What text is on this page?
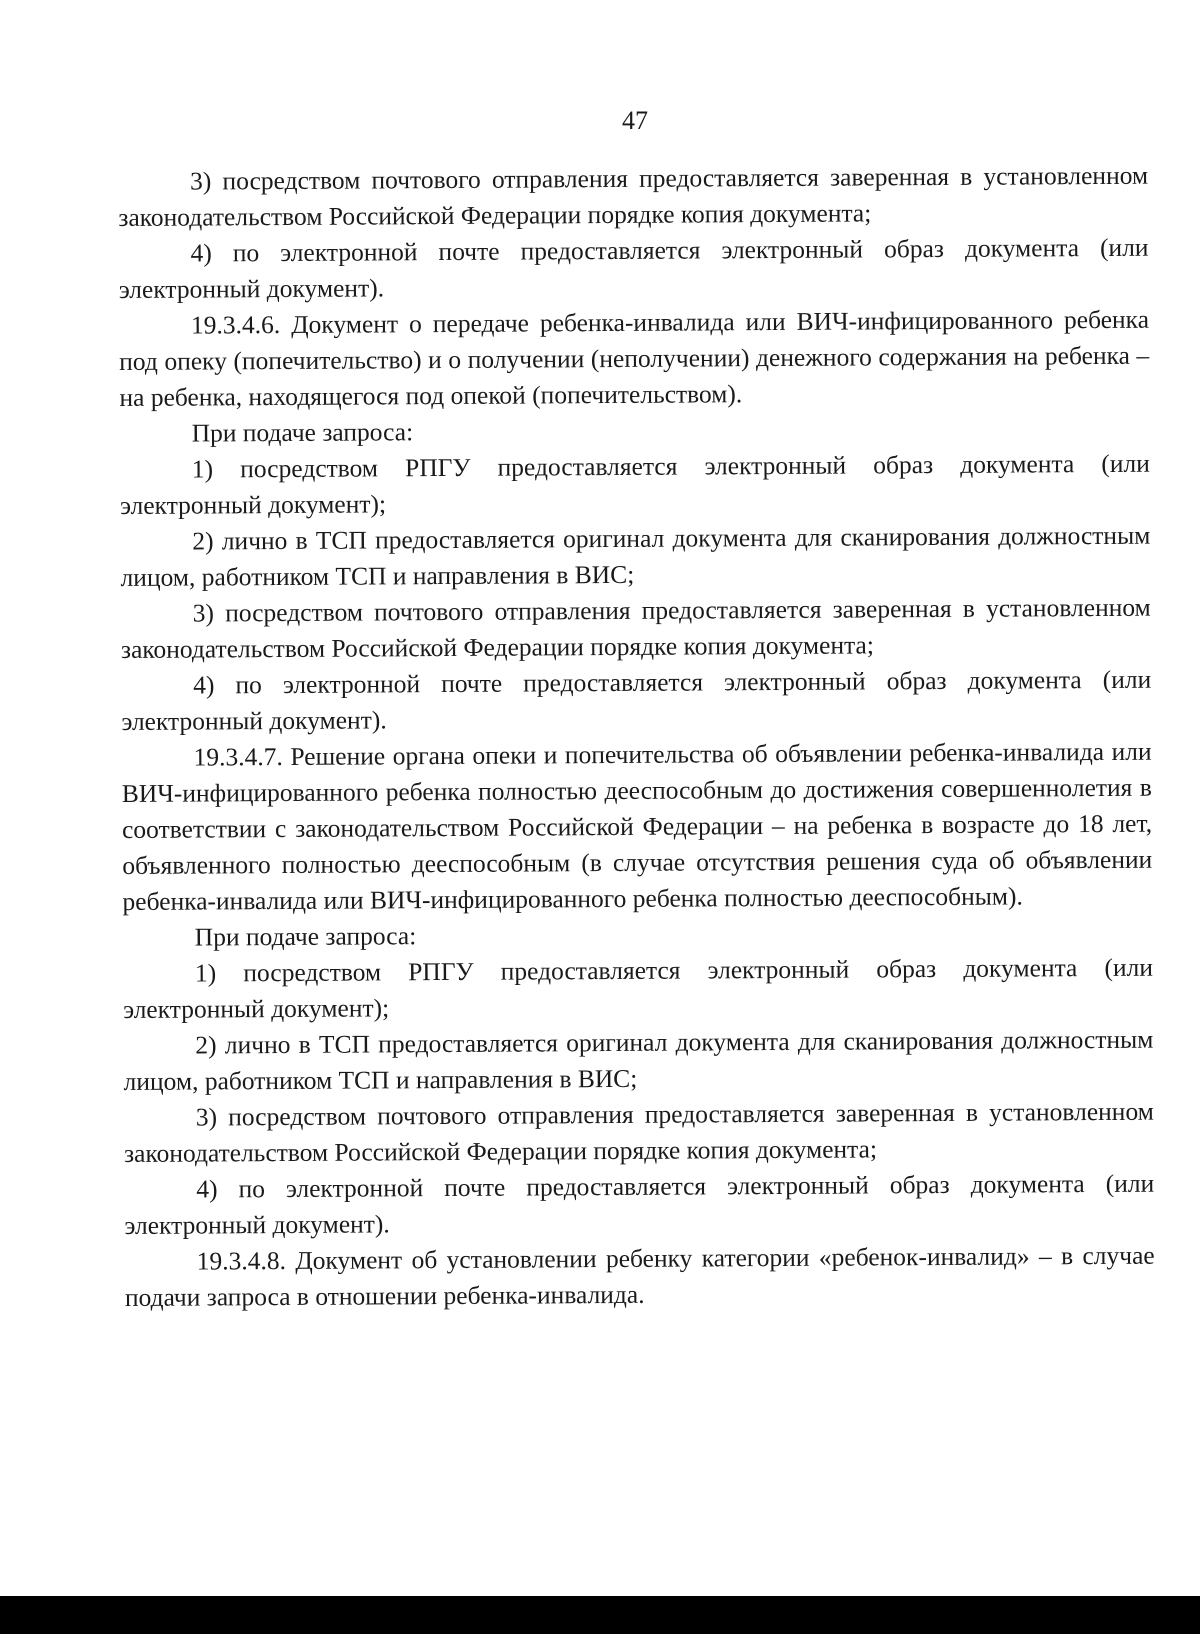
47

3) посредством почтового отправления предоставляется заверенная в установленном законодательством Российской Федерации порядке копия документа;

4) по электронной почте предоставляется электронный образ документа (или электронный документ).

19.3.4.6. Документ о передаче ребенка-инвалида или ВИЧ-инфицированного ребенка под опеку (попечительство) и о получении (неполучении) денежного содержания на ребенка – на ребенка, находящегося под опекой (попечительством).

При подаче запроса:

1) посредством РПГУ предоставляется электронный образ документа (или электронный документ);

2) лично в ТСП предоставляется оригинал документа для сканирования должностным лицом, работником ТСП и направления в ВИС;

3) посредством почтового отправления предоставляется заверенная в установленном законодательством Российской Федерации порядке копия документа;

4) по электронной почте предоставляется электронный образ документа (или электронный документ).

19.3.4.7. Решение органа опеки и попечительства об объявлении ребенка-инвалида или ВИЧ-инфицированного ребенка полностью дееспособным до достижения совершеннолетия в соответствии с законодательством Российской Федерации – на ребенка в возрасте до 18 лет, объявленного полностью дееспособным (в случае отсутствия решения суда об объявлении ребенка-инвалида или ВИЧ-инфицированного ребенка полностью дееспособным).

При подаче запроса:

1) посредством РПГУ предоставляется электронный образ документа (или электронный документ);

2) лично в ТСП предоставляется оригинал документа для сканирования должностным лицом, работником ТСП и направления в ВИС;

3) посредством почтового отправления предоставляется заверенная в установленном законодательством Российской Федерации порядке копия документа;

4) по электронной почте предоставляется электронный образ документа (или электронный документ).

19.3.4.8. Документ об установлении ребенку категории «ребенок-инвалид» – в случае подачи запроса в отношении ребенка-инвалида.
